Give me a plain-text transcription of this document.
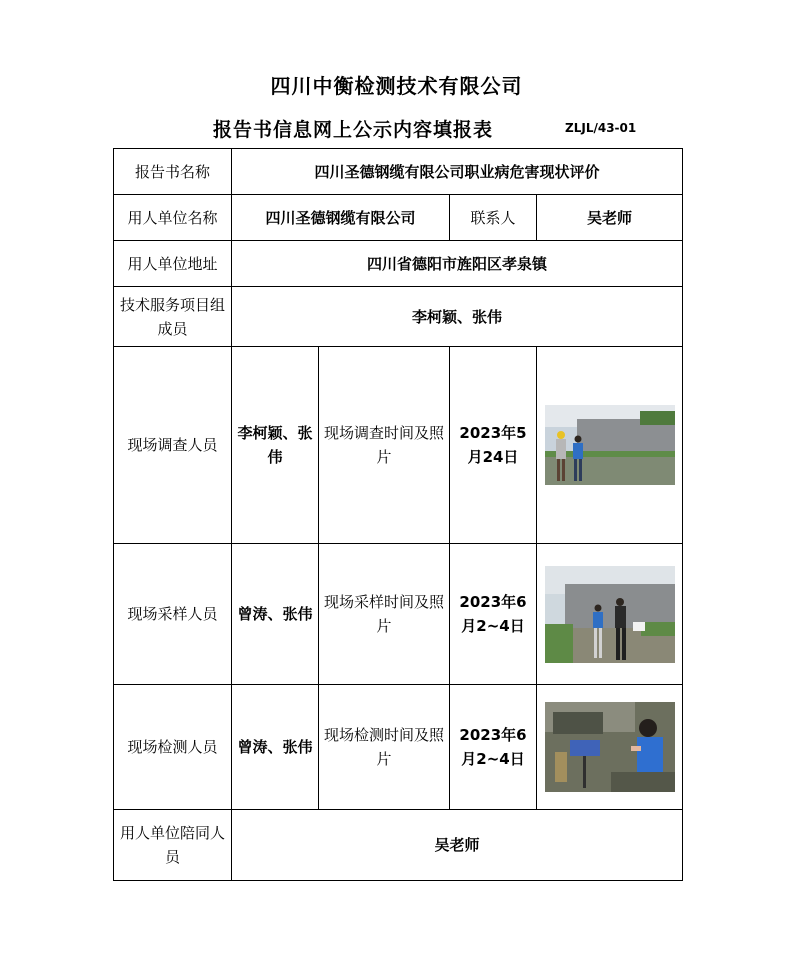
四川中衡检测技术有限公司
报告书信息网上公示内容填报表	ZLJL/43-01
报告书名称	四川圣德钢缆有限公司职业病危害现状评价			
用人单位名称	四川圣德钢缆有限公司		联系人	吴老师
用人单位地址	四川省德阳市旌阳区孝泉镇			
技术服务项目组成员	李柯颖、张伟			
现场调查人员	李柯颖、张伟	现场调查时间及照片	2023年5月24日	

现场采样人员	曾涛、张伟	现场采样时间及照片	2023年6月2~4日	

现场检测人员	曾涛、张伟	现场检测时间及照片	2023年6月2~4日	

用人单位陪同人员	吴老师			
